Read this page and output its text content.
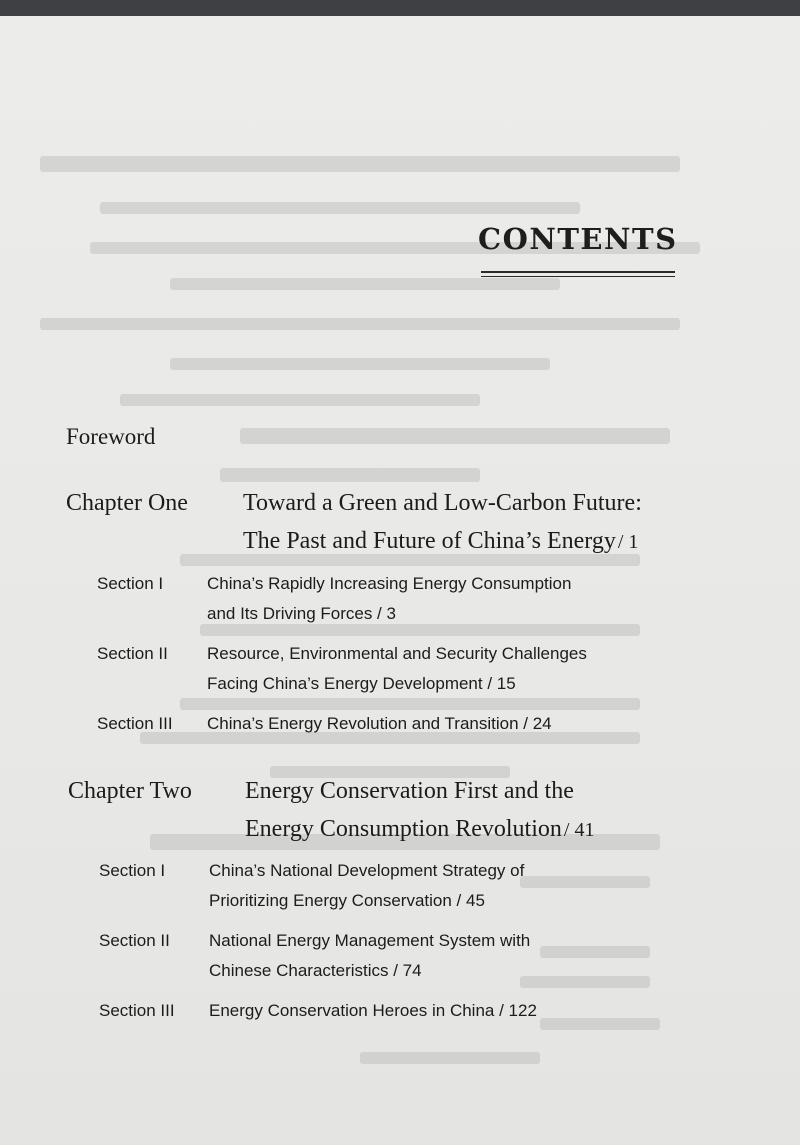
CONTENTS
Foreword
Chapter One Toward a Green and Low-Carbon Future:
The Past and Future of China’s Energy / 1
Section I	China’s Rapidly Increasing Energy Consumption
and Its Driving Forces / 3
Section II Resource, Environmental and Security Challenges
Facing China’s Energy Development / 15
Section III China’s Energy Revolution and Transition / 24
Chapter Two Energy Conservation First and the
Energy Consumption Revolution / 41
Section I	China’s National Development Strategy of
Prioritizing Energy Conservation / 45
Section II National Energy Management System with
Chinese Characteristics / 74
Section III Energy Conservation Heroes in China / 122
